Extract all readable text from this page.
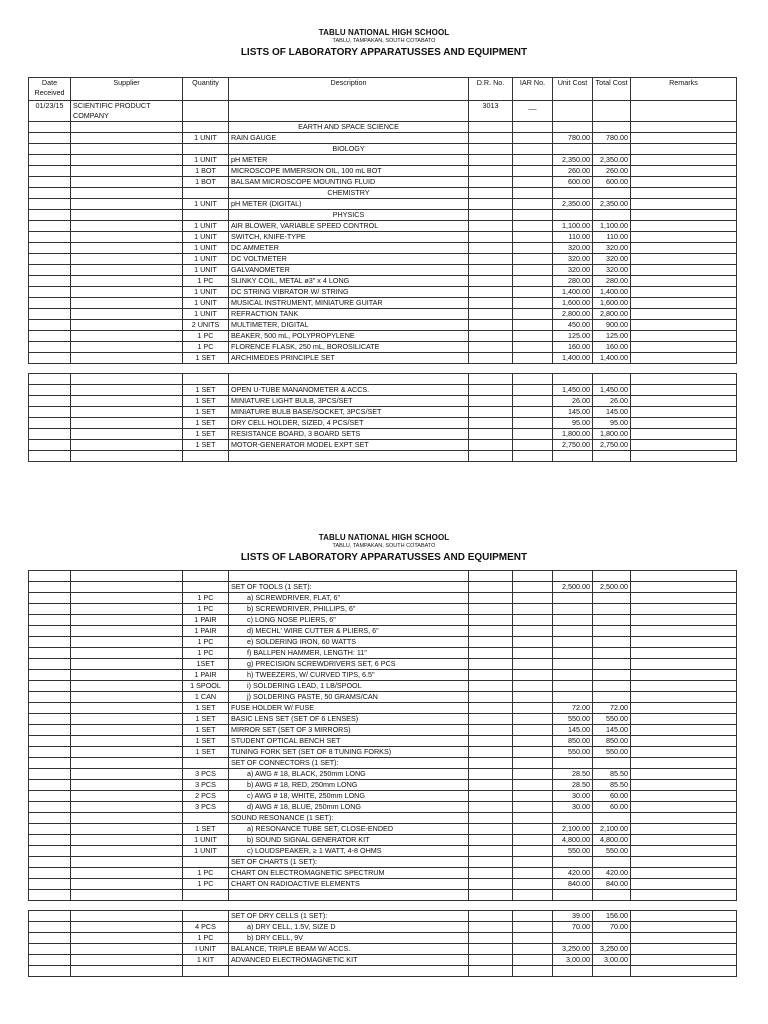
TABLU NATIONAL HIGH SCHOOL
TABLU, TAMPAKAN, SOUTH COTABATO
LISTS OF LABORATORY APPARATUSSES AND EQUIPMENT
Date Received	Supplier	Quantity	Description	D.R. No.	IAR No.	Unit Cost	Total Cost	Remarks
01/23/15	SCIENTIFIC PRODUCT COMPANY			3013	__			
			EARTH AND SPACE SCIENCE					
		1 UNIT	RAIN GAUGE			780.00	780.00	
			BIOLOGY					
		1 UNIT	pH METER			2,350.00	2,350.00	
		1 BOT	MICROSCOPE IMMERSION OIL, 100 mL BOT			260.00	260.00	
		1 BOT	BALSAM MICROSCOPE MOUNTING FLUID			600.00	600.00	
			CHEMISTRY					
		1 UNIT	pH METER (DIGITAL)			2,350.00	2,350.00	
			PHYSICS					
		1 UNIT	AIR BLOWER, VARIABLE SPEED CONTROL			1,100.00	1,100.00	
		1 UNIT	SWITCH, KNIFE-TYPE			110.00	110.00	
		1 UNIT	DC AMMETER			320.00	320.00	
		1 UNIT	DC VOLTMETER			320.00	320.00	
		1 UNIT	GALVANOMETER			320.00	320.00	
		1 PC	SLINKY COIL, METAL ø3" x 4 LONG			280.00	280.00	
		1 UNIT	DC STRING VIBRATOR W/ STRING			1,400.00	1,400.00	
		1 UNIT	MUSICAL INSTRUMENT, MINIATURE GUITAR			1,600.00	1,600.00	
		1 UNIT	REFRACTION TANK			2,800.00	2,800.00	
		2 UNITS	MULTIMETER, DIGITAL			450.00	900.00	
		1 PC	BEAKER, 500 mL, POLYPROPYLENE			125.00	125.00	
		1 PC	FLORENCE FLASK, 250 mL, BOROSILICATE			160.00	160.00	
		1 SET	ARCHIMEDES PRINCIPLE SET			1,400.00	1,400.00	

		1 SET	OPEN U-TUBE MANANOMETER & ACCS.			1,450.00	1,450.00	
		1 SET	MINIATURE LIGHT BULB, 3PCS/SET			26.00	26.00	
		1 SET	MINIATURE BULB BASE/SOCKET, 3PCS/SET			145.00	145.00	
		1 SET	DRY CELL HOLDER, SIZED, 4 PCS/SET			95.00	95.00	
		1 SET	RESISTANCE BOARD, 3 BOARD SETS			1,800.00	1,800.00	
		1 SET	MOTOR-GENERATOR MODEL EXPT SET			2,750.00	2,750.00	

TABLU NATIONAL HIGH SCHOOL
TABLU, TAMPAKAN, SOUTH COTABATO
LISTS OF LABORATORY APPARATUSSES AND EQUIPMENT

			SET OF TOOLS (1 SET):			2,500.00	2,500.00	
		1 PC	a) SCREWDRIVER, FLAT, 6"					
		1 PC	b) SCREWDRIVER, PHILLIPS, 6"					
		1 PAIR	c) LONG NOSE PLIERS, 6"					
		1 PAIR	d) MECHL' WIRE CUTTER & PLIERS, 6"					
		1 PC	e) SOLDERING IRON, 60 WATTS					
		1 PC	f) BALLPEN HAMMER, LENGTH: 11"					
		1SET	g) PRECISION SCREWDRIVERS SET, 6 PCS					
		1 PAIR	h) TWEEZERS, W/ CURVED TIPS, 6.5"					
		1 SPOOL	i) SOLDERING LEAD, 1 LB/SPOOL					
		1 CAN	j) SOLDERING PASTE, 50 GRAMS/CAN					
		1 SET	FUSE HOLDER W/ FUSE			72.00	72.00	
		1 SET	BASIC LENS SET (SET OF 6 LENSES)			550.00	550.00	
		1 SET	MIRROR SET (SET OF 3 MIRRORS)			145.00	145.00	
		1 SET	STUDENT OPTICAL BENCH SET			850.00	850.00	
		1 SET	TUNING FORK SET (SET OF 8 TUNING FORKS)			550.00	550.00	
			SET OF CONNECTORS (1 SET):					
		3 PCS	a) AWG # 18, BLACK, 250mm LONG			28.50	85.50	
		3 PCS	b) AWG # 18, RED, 250mm LONG			28.50	85.50	
		2 PCS	c) AWG # 18, WHITE, 250mm LONG			30.00	60.00	
		3 PCS	d) AWG # 18, BLUE, 250mm LONG			30.00	60.00	
			SOUND RESONANCE (1 SET):					
		1 SET	a) RESONANCE TUBE SET, CLOSE-ENDED			2,100.00	2,100.00	
		1 UNIT	b) SOUND SIGNAL GENERATOR KIT			4,800.00	4,800.00	
		1 UNIT	c) LOUDSPEAKER, ≥ 1 WATT, 4-8 OHMS			550.00	550.00	
			SET OF CHARTS (1 SET):					
		1 PC	CHART ON ELECTROMAGNETIC SPECTRUM			420.00	420.00	
		1 PC	CHART ON RADIOACTIVE ELEMENTS			840.00	840.00	

			SET OF DRY CELLS (1 SET):			39.00	156.00	
		4 PCS	a) DRY CELL, 1.5V, SIZE D			70.00	70.00	
		1 PC	b) DRY CELL, 9V					
		I UNIT	BALANCE, TRIPLE BEAM W/ ACCS.			3,250.00	3,250.00	
		1 KIT	ADVANCED ELECTROMAGNETIC KIT			3,00.00	3,00.00	
